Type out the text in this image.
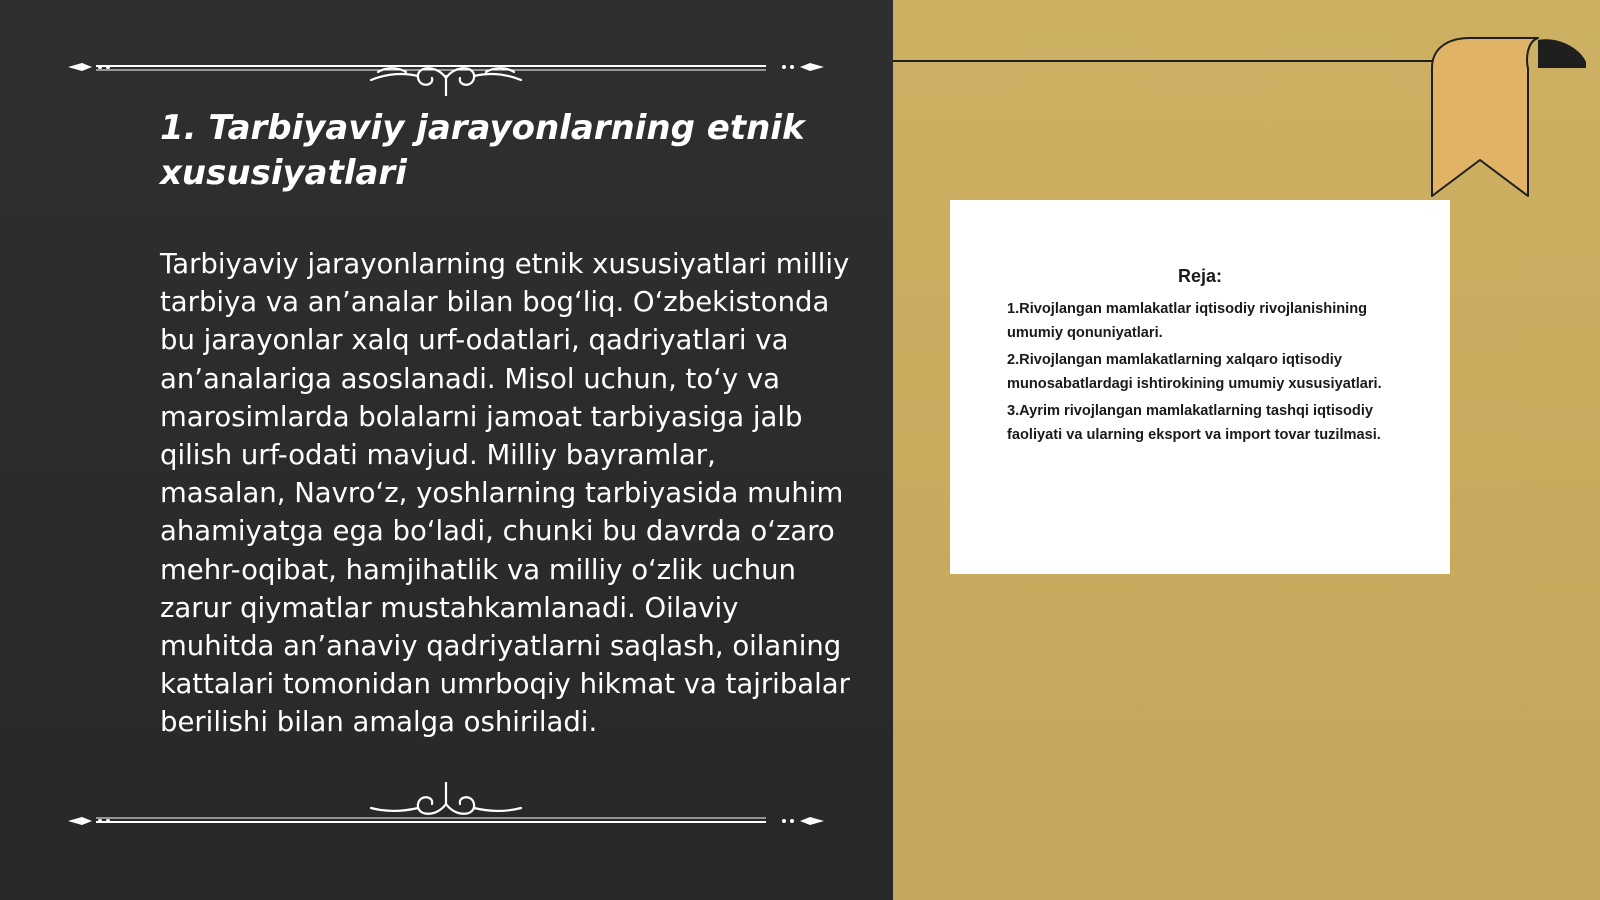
1. Tarbiyaviy jarayonlarning etnik xususiyatlari

Tarbiyaviy jarayonlarning etnik xususiyatlari milliy tarbiya va an’analar bilan bog‘liq. O‘zbekistonda bu jarayonlar xalq urf-odatlari, qadriyatlari va an’analariga asoslanadi. Misol uchun, to‘y va marosimlarda bolalarni jamoat tarbiyasiga jalb qilish urf-odati mavjud. Milliy bayramlar, masalan, Navro‘z, yoshlarning tarbiyasida muhim ahamiyatga ega bo‘ladi, chunki bu davrda o‘zaro mehr-oqibat, hamjihatlik va milliy o‘zlik uchun zarur qiymatlar mustahkamlanadi. Oilaviy muhitda an’anaviy qadriyatlarni saqlash, oilaning kattalari tomonidan umrboqiy hikmat va tajribalar berilishi bilan amalga oshiriladi.

Reja:

1.Rivojlangan mamlakatlar iqtisodiy rivojlanishining umumiy qonuniyatlari.
2.Rivojlangan mamlakatlarning xalqaro iqtisodiy munosabatlardagi ishtirokining umumiy xususiyatlari.
3.Ayrim rivojlangan mamlakatlarning tashqi iqtisodiy faoliyati va ularning eksport va import tovar tuzilmasi.
